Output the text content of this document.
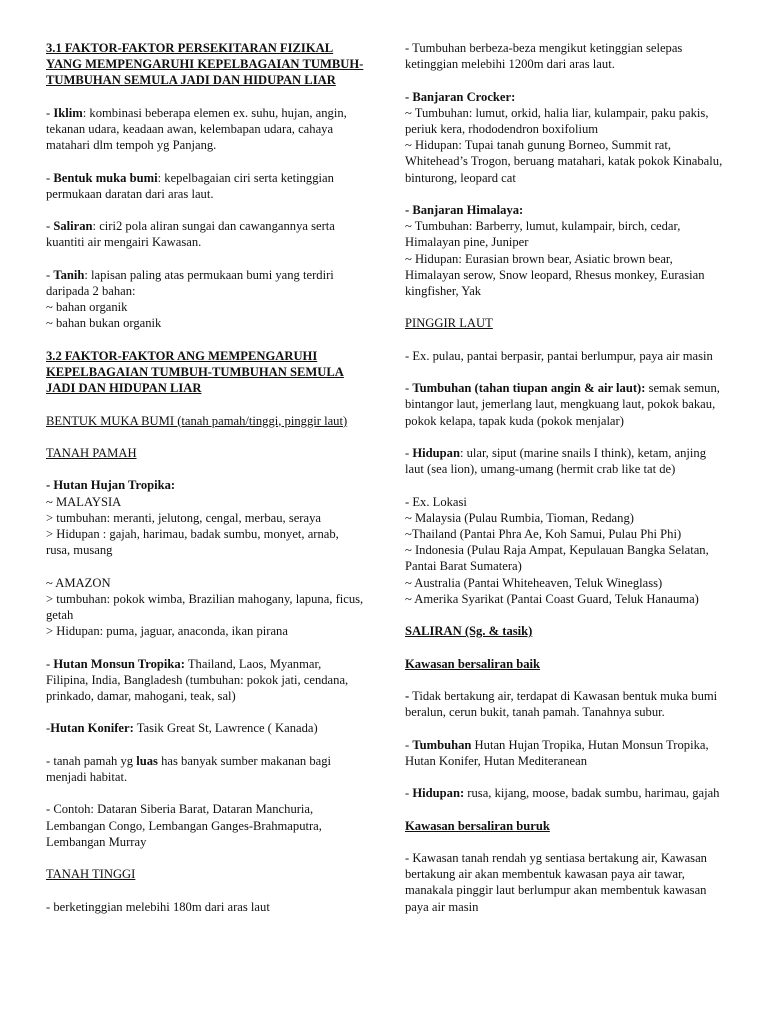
3.1 FAKTOR-FAKTOR PERSEKITARAN FIZIKAL YANG MEMPENGARUHI KEPELBAGAIAN TUMBUH-TUMBUHAN SEMULA JADI DAN HIDUPAN LIAR
- Iklim: kombinasi beberapa elemen ex. suhu, hujan, angin, tekanan udara, keadaan awan, kelembapan udara, cahaya matahari dlm tempoh yg Panjang.
- Bentuk muka bumi: kepelbagaian ciri serta ketinggian permukaan daratan dari aras laut.
- Saliran: ciri2 pola aliran sungai dan cawangannya serta kuantiti air mengairi Kawasan.
- Tanih: lapisan paling atas permukaan bumi yang terdiri daripada 2 bahan:
~ bahan organik
~ bahan bukan organik
3.2 FAKTOR-FAKTOR ANG MEMPENGARUHI KEPELBAGAIAN TUMBUH-TUMBUHAN SEMULA JADI DAN HIDUPAN LIAR
BENTUK MUKA BUMI (tanah pamah/tinggi, pinggir laut)
TANAH PAMAH
- Hutan Hujan Tropika:
~ MALAYSIA
> tumbuhan: meranti, jelutong, cengal, merbau, seraya
> Hidupan : gajah, harimau, badak sumbu, monyet, arnab, rusa, musang
~ AMAZON
> tumbuhan: pokok wimba, Brazilian mahogany, lapuna, ficus, getah
> Hidupan: puma, jaguar, anaconda, ikan pirana
- Hutan Monsun Tropika: Thailand, Laos, Myanmar, Filipina, India, Bangladesh (tumbuhan: pokok jati, cendana, prinkado, damar, mahogani, teak, sal)
-Hutan Konifer: Tasik Great St, Lawrence ( Kanada)
- tanah pamah yg luas has banyak sumber makanan bagi menjadi habitat.
- Contoh: Dataran Siberia Barat, Dataran Manchuria, Lembangan Congo, Lembangan Ganges-Brahmaputra, Lembangan Murray
TANAH TINGGI
- berketinggian melebihi 180m dari aras laut
- Tumbuhan berbeza-beza mengikut ketinggian selepas ketinggian melebihi 1200m dari aras laut.
- Banjaran Crocker:
~ Tumbuhan: lumut, orkid, halia liar, kulampair, paku pakis, periuk kera, rhododendron boxifolium
~ Hidupan: Tupai tanah gunung Borneo, Summit rat, Whitehead’s Trogon, beruang matahari, katak pokok Kinabalu, binturong, leopard cat
- Banjaran Himalaya:
~ Tumbuhan: Barberry, lumut, kulampair, birch, cedar, Himalayan pine, Juniper
~ Hidupan: Eurasian brown bear, Asiatic brown bear, Himalayan serow, Snow leopard, Rhesus monkey, Eurasian kingfisher, Yak
PINGGIR LAUT
- Ex. pulau, pantai berpasir, pantai berlumpur, paya air masin
- Tumbuhan (tahan tiupan angin & air laut): semak semun, bintangor laut, jemerlang laut, mengkuang laut, pokok bakau, pokok kelapa, tapak kuda (pokok menjalar)
- Hidupan: ular, siput (marine snails I think), ketam, anjing laut (sea lion), umang-umang (hermit crab like tat de)
- Ex. Lokasi
~ Malaysia (Pulau Rumbia, Tioman, Redang)
~Thailand (Pantai Phra Ae, Koh Samui, Pulau Phi Phi)
~ Indonesia (Pulau Raja Ampat, Kepulauan Bangka Selatan, Pantai Barat Sumatera)
~ Australia (Pantai Whiteheaven, Teluk Wineglass)
~ Amerika Syarikat (Pantai Coast Guard, Teluk Hanauma)
SALIRAN (Sg. & tasik)
Kawasan bersaliran baik
- Tidak bertakung air, terdapat di Kawasan bentuk muka bumi beralun, cerun bukit, tanah pamah. Tanahnya subur.
- Tumbuhan Hutan Hujan Tropika, Hutan Monsun Tropika, Hutan Konifer, Hutan Mediteranean
- Hidupan: rusa, kijang, moose, badak sumbu, harimau, gajah
Kawasan bersaliran buruk
- Kawasan tanah rendah yg sentiasa bertakung air, Kawasan bertakung air akan membentuk kawasan paya air tawar, manakala pinggir laut berlumpur akan membentuk kawasan paya air masin
